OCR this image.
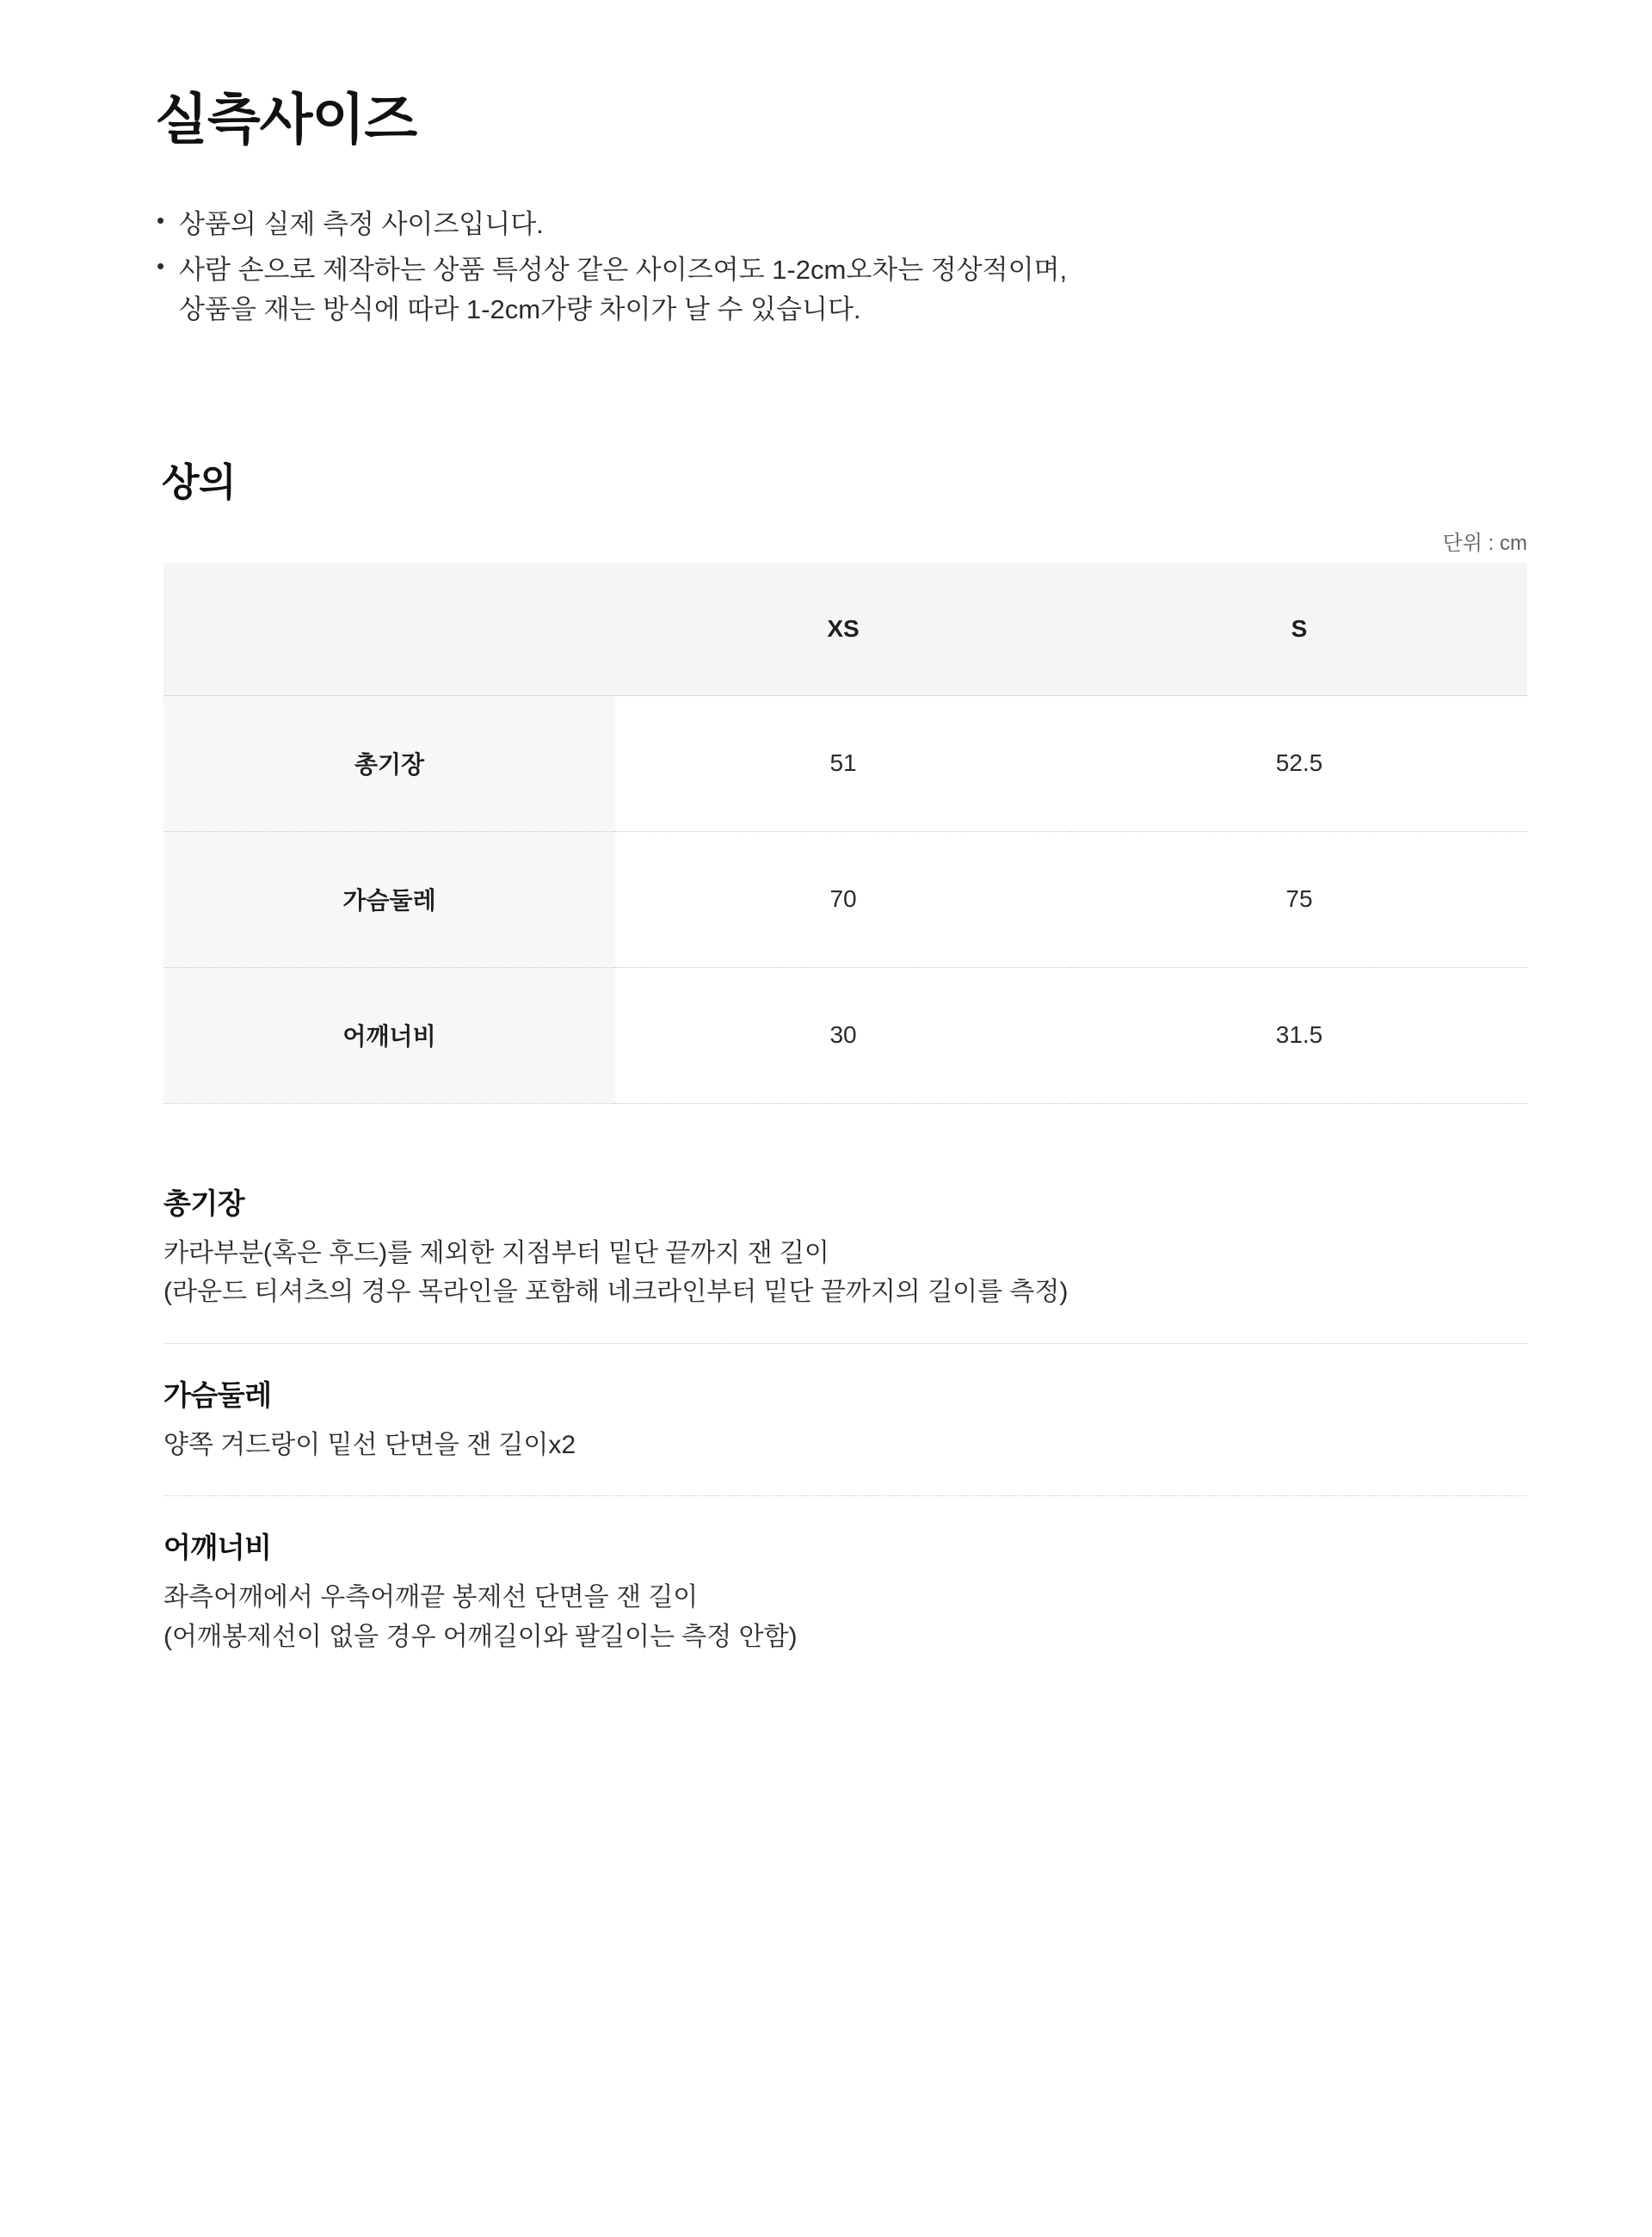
실측사이즈
• 상품의 실제 측정 사이즈입니다.
• 사람 손으로 제작하는 상품 특성상 같은 사이즈여도 1-2cm오차는 정상적이며,
상품을 재는 방식에 따라 1-2cm가량 차이가 날 수 있습니다.
상의
단위 : cm
	XS	S
총기장	51	52.5
가슴둘레	70	75
어깨너비	30	31.5

총기장

카라부분(혹은 후드)를 제외한 지점부터 밑단 끝까지 잰 길이

(라운드 티셔츠의 경우 목라인을 포함해 네크라인부터 밑단 끝까지의 길이를 측정)

가슴둘레

양쪽 겨드랑이 밑선 단면을 잰 길이x2

어깨너비

좌측어깨에서 우측어깨끝 봉제선 단면을 잰 길이

(어깨봉제선이 없을 경우 어깨길이와 팔길이는 측정 안함)
